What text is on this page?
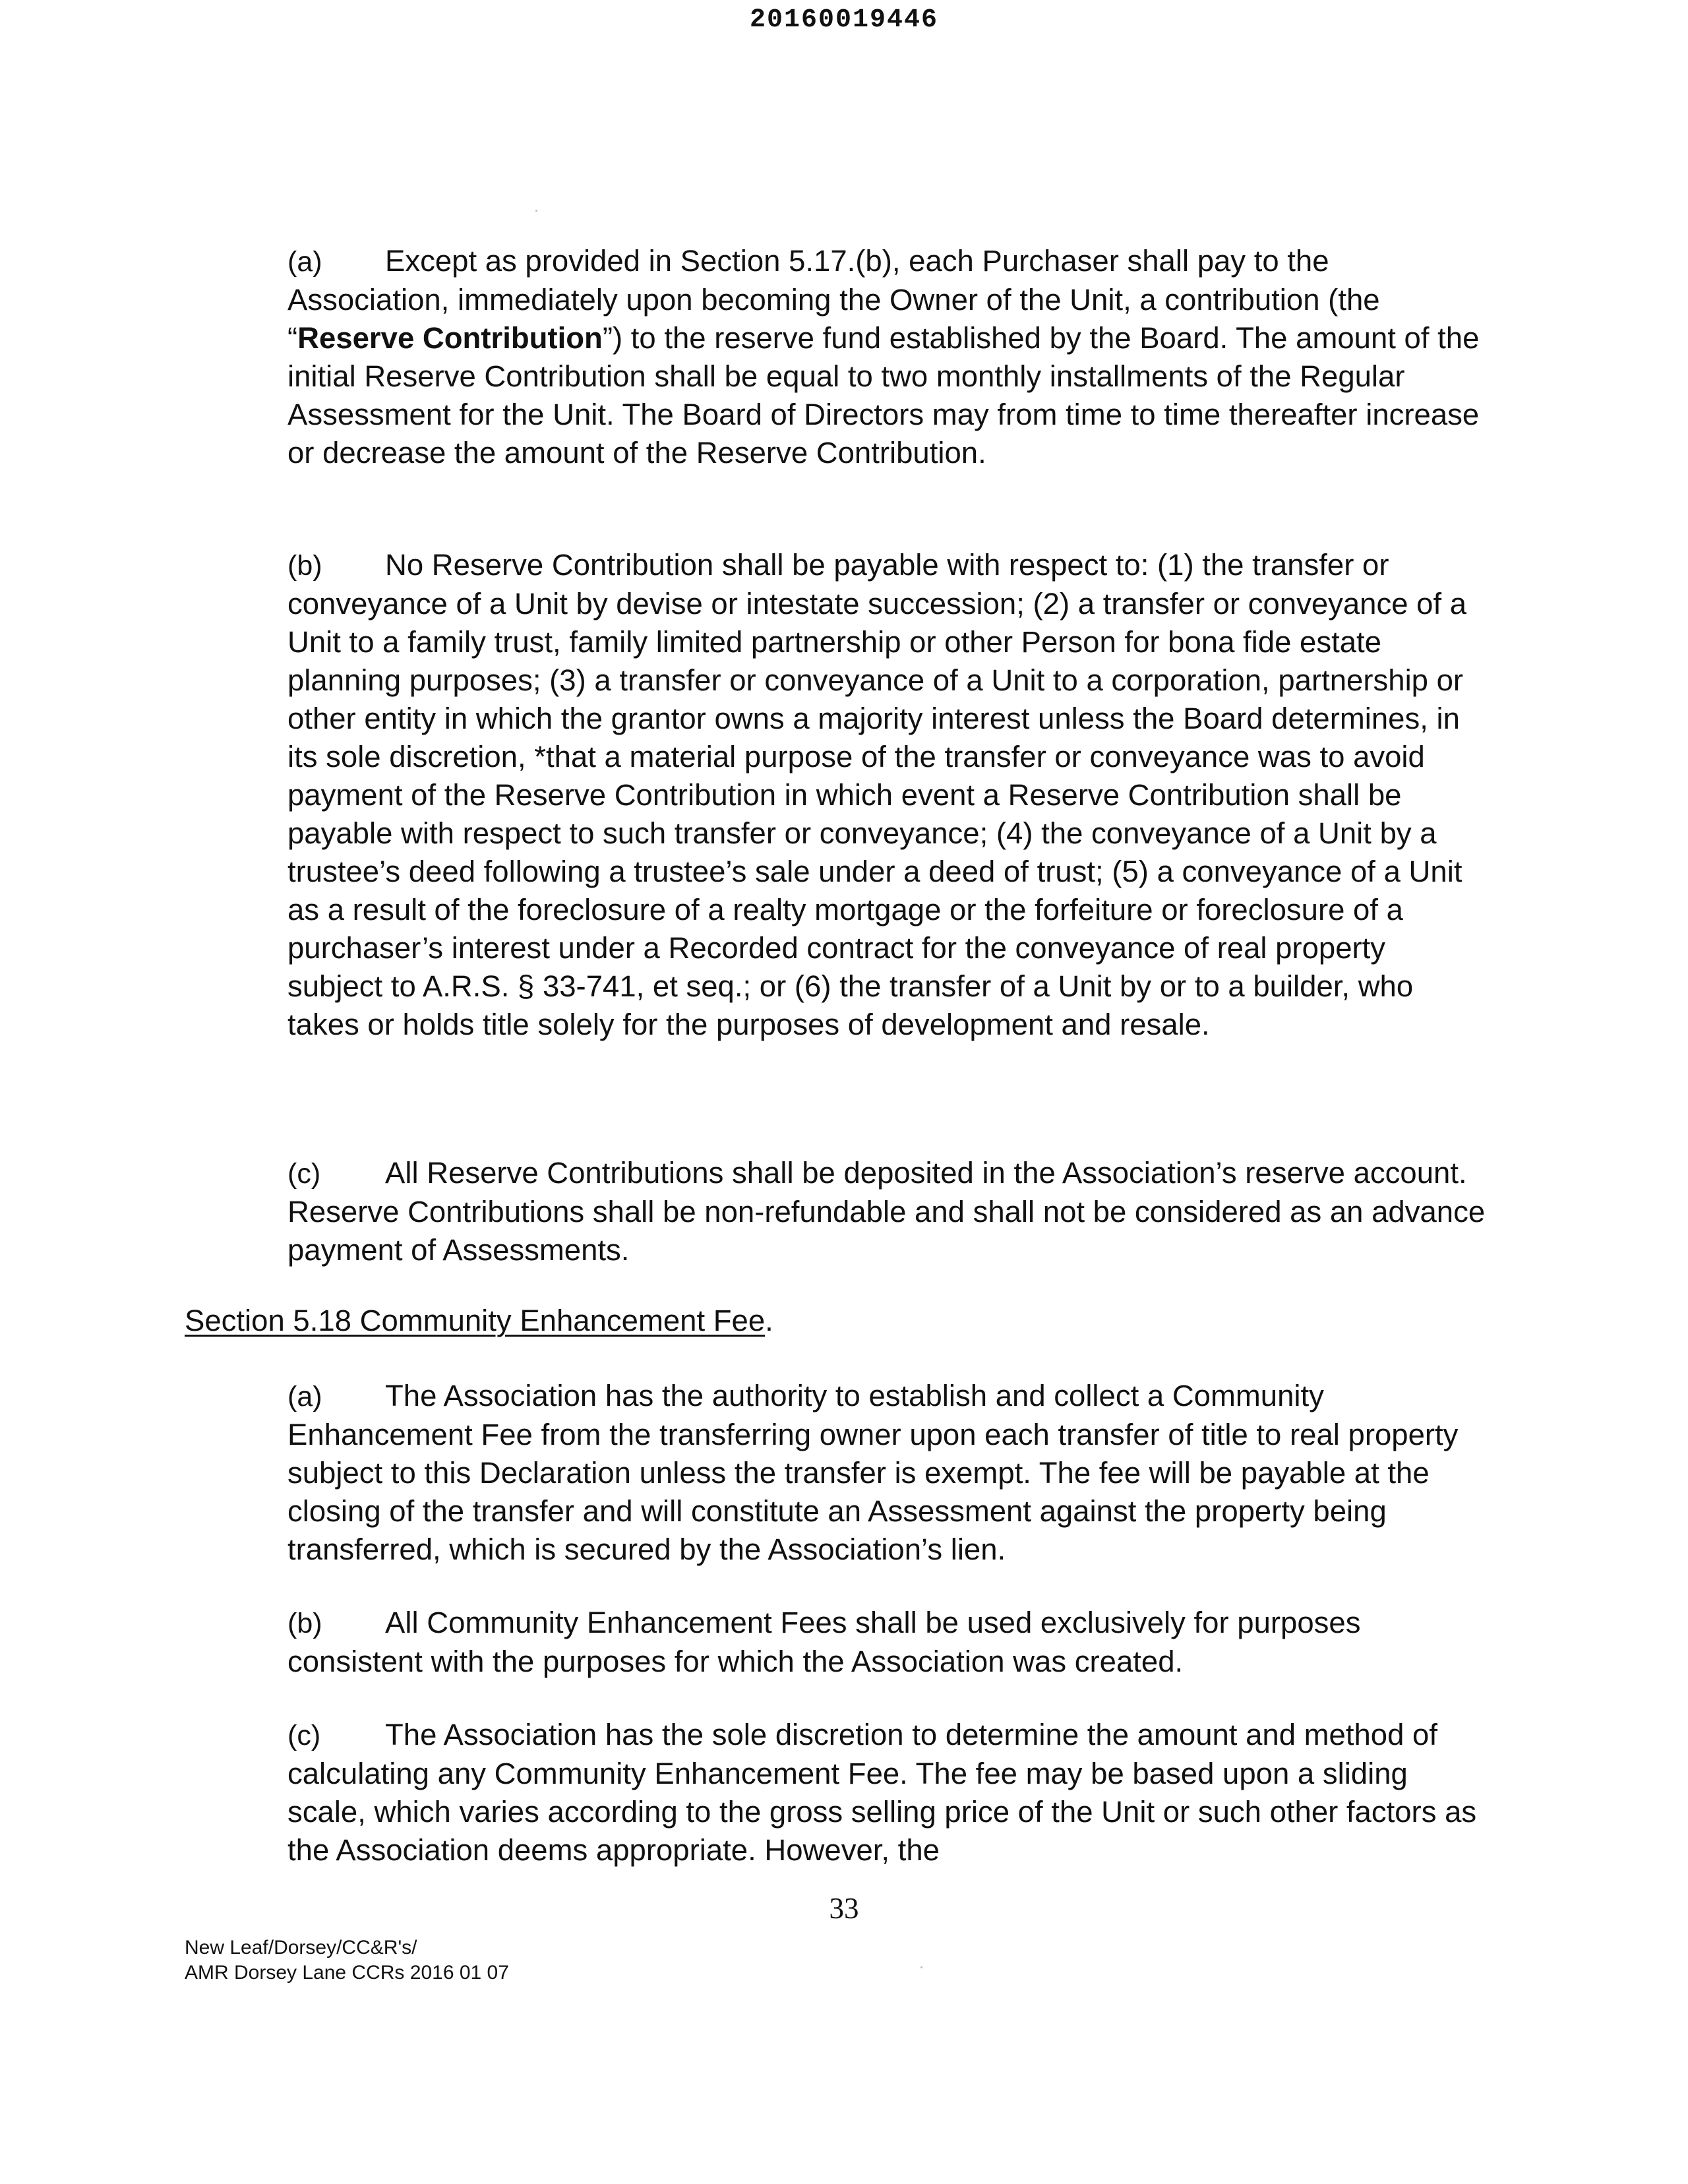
20160019446

(a) Except as provided in Section 5.17.(b), each Purchaser shall pay to the Association, immediately upon becoming the Owner of the Unit, a contribution (the “Reserve Contribution”) to the reserve fund established by the Board. The amount of the initial Reserve Contribution shall be equal to two monthly installments of the Regular Assessment for the Unit. The Board of Directors may from time to time thereafter increase or decrease the amount of the Reserve Contribution.

(b) No Reserve Contribution shall be payable with respect to: (1) the transfer or conveyance of a Unit by devise or intestate succession; (2) a transfer or conveyance of a Unit to a family trust, family limited partnership or other Person for bona fide estate planning purposes; (3) a transfer or conveyance of a Unit to a corporation, partnership or other entity in which the grantor owns a majority interest unless the Board determines, in its sole discretion, *that a material purpose of the transfer or conveyance was to avoid payment of the Reserve Contribution in which event a Reserve Contribution shall be payable with respect to such transfer or conveyance; (4) the conveyance of a Unit by a trustee’s deed following a trustee’s sale under a deed of trust; (5) a conveyance of a Unit as a result of the foreclosure of a realty mortgage or the forfeiture or foreclosure of a purchaser’s interest under a Recorded contract for the conveyance of real property subject to A.R.S. § 33-741, et seq.; or (6) the transfer of a Unit by or to a builder, who takes or holds title solely for the purposes of development and resale.

(c) All Reserve Contributions shall be deposited in the Association’s reserve account. Reserve Contributions shall be non-refundable and shall not be considered as an advance payment of Assessments.

Section 5.18 Community Enhancement Fee.

(a) The Association has the authority to establish and collect a Community Enhancement Fee from the transferring owner upon each transfer of title to real property subject to this Declaration unless the transfer is exempt. The fee will be payable at the closing of the transfer and will constitute an Assessment against the property being transferred, which is secured by the Association’s lien.

(b) All Community Enhancement Fees shall be used exclusively for purposes consistent with the purposes for which the Association was created.

(c) The Association has the sole discretion to determine the amount and method of calculating any Community Enhancement Fee. The fee may be based upon a sliding scale, which varies according to the gross selling price of the Unit or such other factors as the Association deems appropriate. However, the

33
New Leaf/Dorsey/CC&R's/
AMR Dorsey Lane CCRs 2016 01 07
